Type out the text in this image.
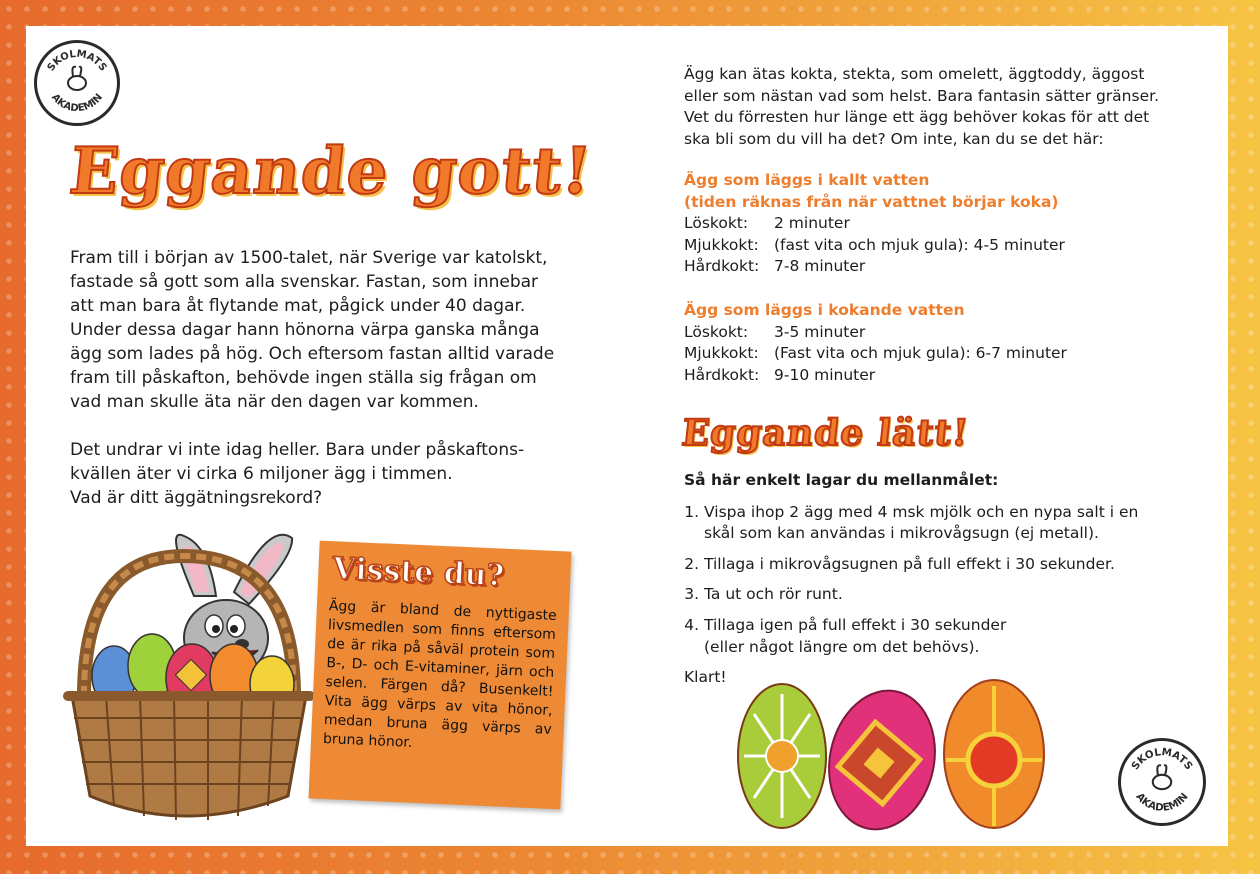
SKOLMATS
AKADEMIN
Eggande gott!

Fram till i början av 1500-talet, när Sverige var katolskt,
fastade så gott som alla svenskar. Fastan, som innebar
att man bara åt flytande mat, pågick under 40 dagar.
Under dessa dagar hann hönorna värpa ganska många
ägg som lades på hög. Och eftersom fastan alltid varade
fram till påskafton, behövde ingen ställa sig frågan om
vad man skulle äta när den dagen var kommen.

Det undrar vi inte idag heller. Bara under påskaftons-
kvällen äter vi cirka 6 miljoner ägg i timmen.
Vad är ditt äggätningsrekord?

Visste du?

Ägg är bland de nyttigaste livsmedlen som finns eftersom de är rika på såväl protein som B-, D- och E-vitaminer, järn och selen. Färgen då? Busenkelt! Vita ägg värps av vita hönor, medan bruna ägg värps av bruna hönor.

Ägg kan ätas kokta, stekta, som omelett, äggtoddy, äggost
eller som nästan vad som helst. Bara fantasin sätter gränser.
Vet du förresten hur länge ett ägg behöver kokas för att det
ska bli som du vill ha det? Om inte, kan du se det här:

Ägg som läggs i kallt vatten
(tiden räknas från när vattnet börjar koka)

Löskokt:	2 minuter
Mjukkokt: (fast vita och mjuk gula): 4-5 minuter
Hårdkokt: 7-8 minuter

Ägg som läggs i kokande vatten

Löskokt:	3-5 minuter
Mjukkokt: (Fast vita och mjuk gula): 6-7 minuter
Hårdkokt: 9-10 minuter
Eggande lätt!

Så här enkelt lagar du mellanmålet:

1. Vispa ihop 2 ägg med 4 msk mjölk och en nypa salt i en
skål som kan användas i mikrovågsugn (ej metall).
2. Tillaga i mikrovågsugnen på full effekt i 30 sekunder.
3. Ta ut och rör runt.
4. Tillaga igen på full effekt i 30 sekunder
(eller något längre om det behövs).

Klart!

SKOLMATS
AKADEMIN
